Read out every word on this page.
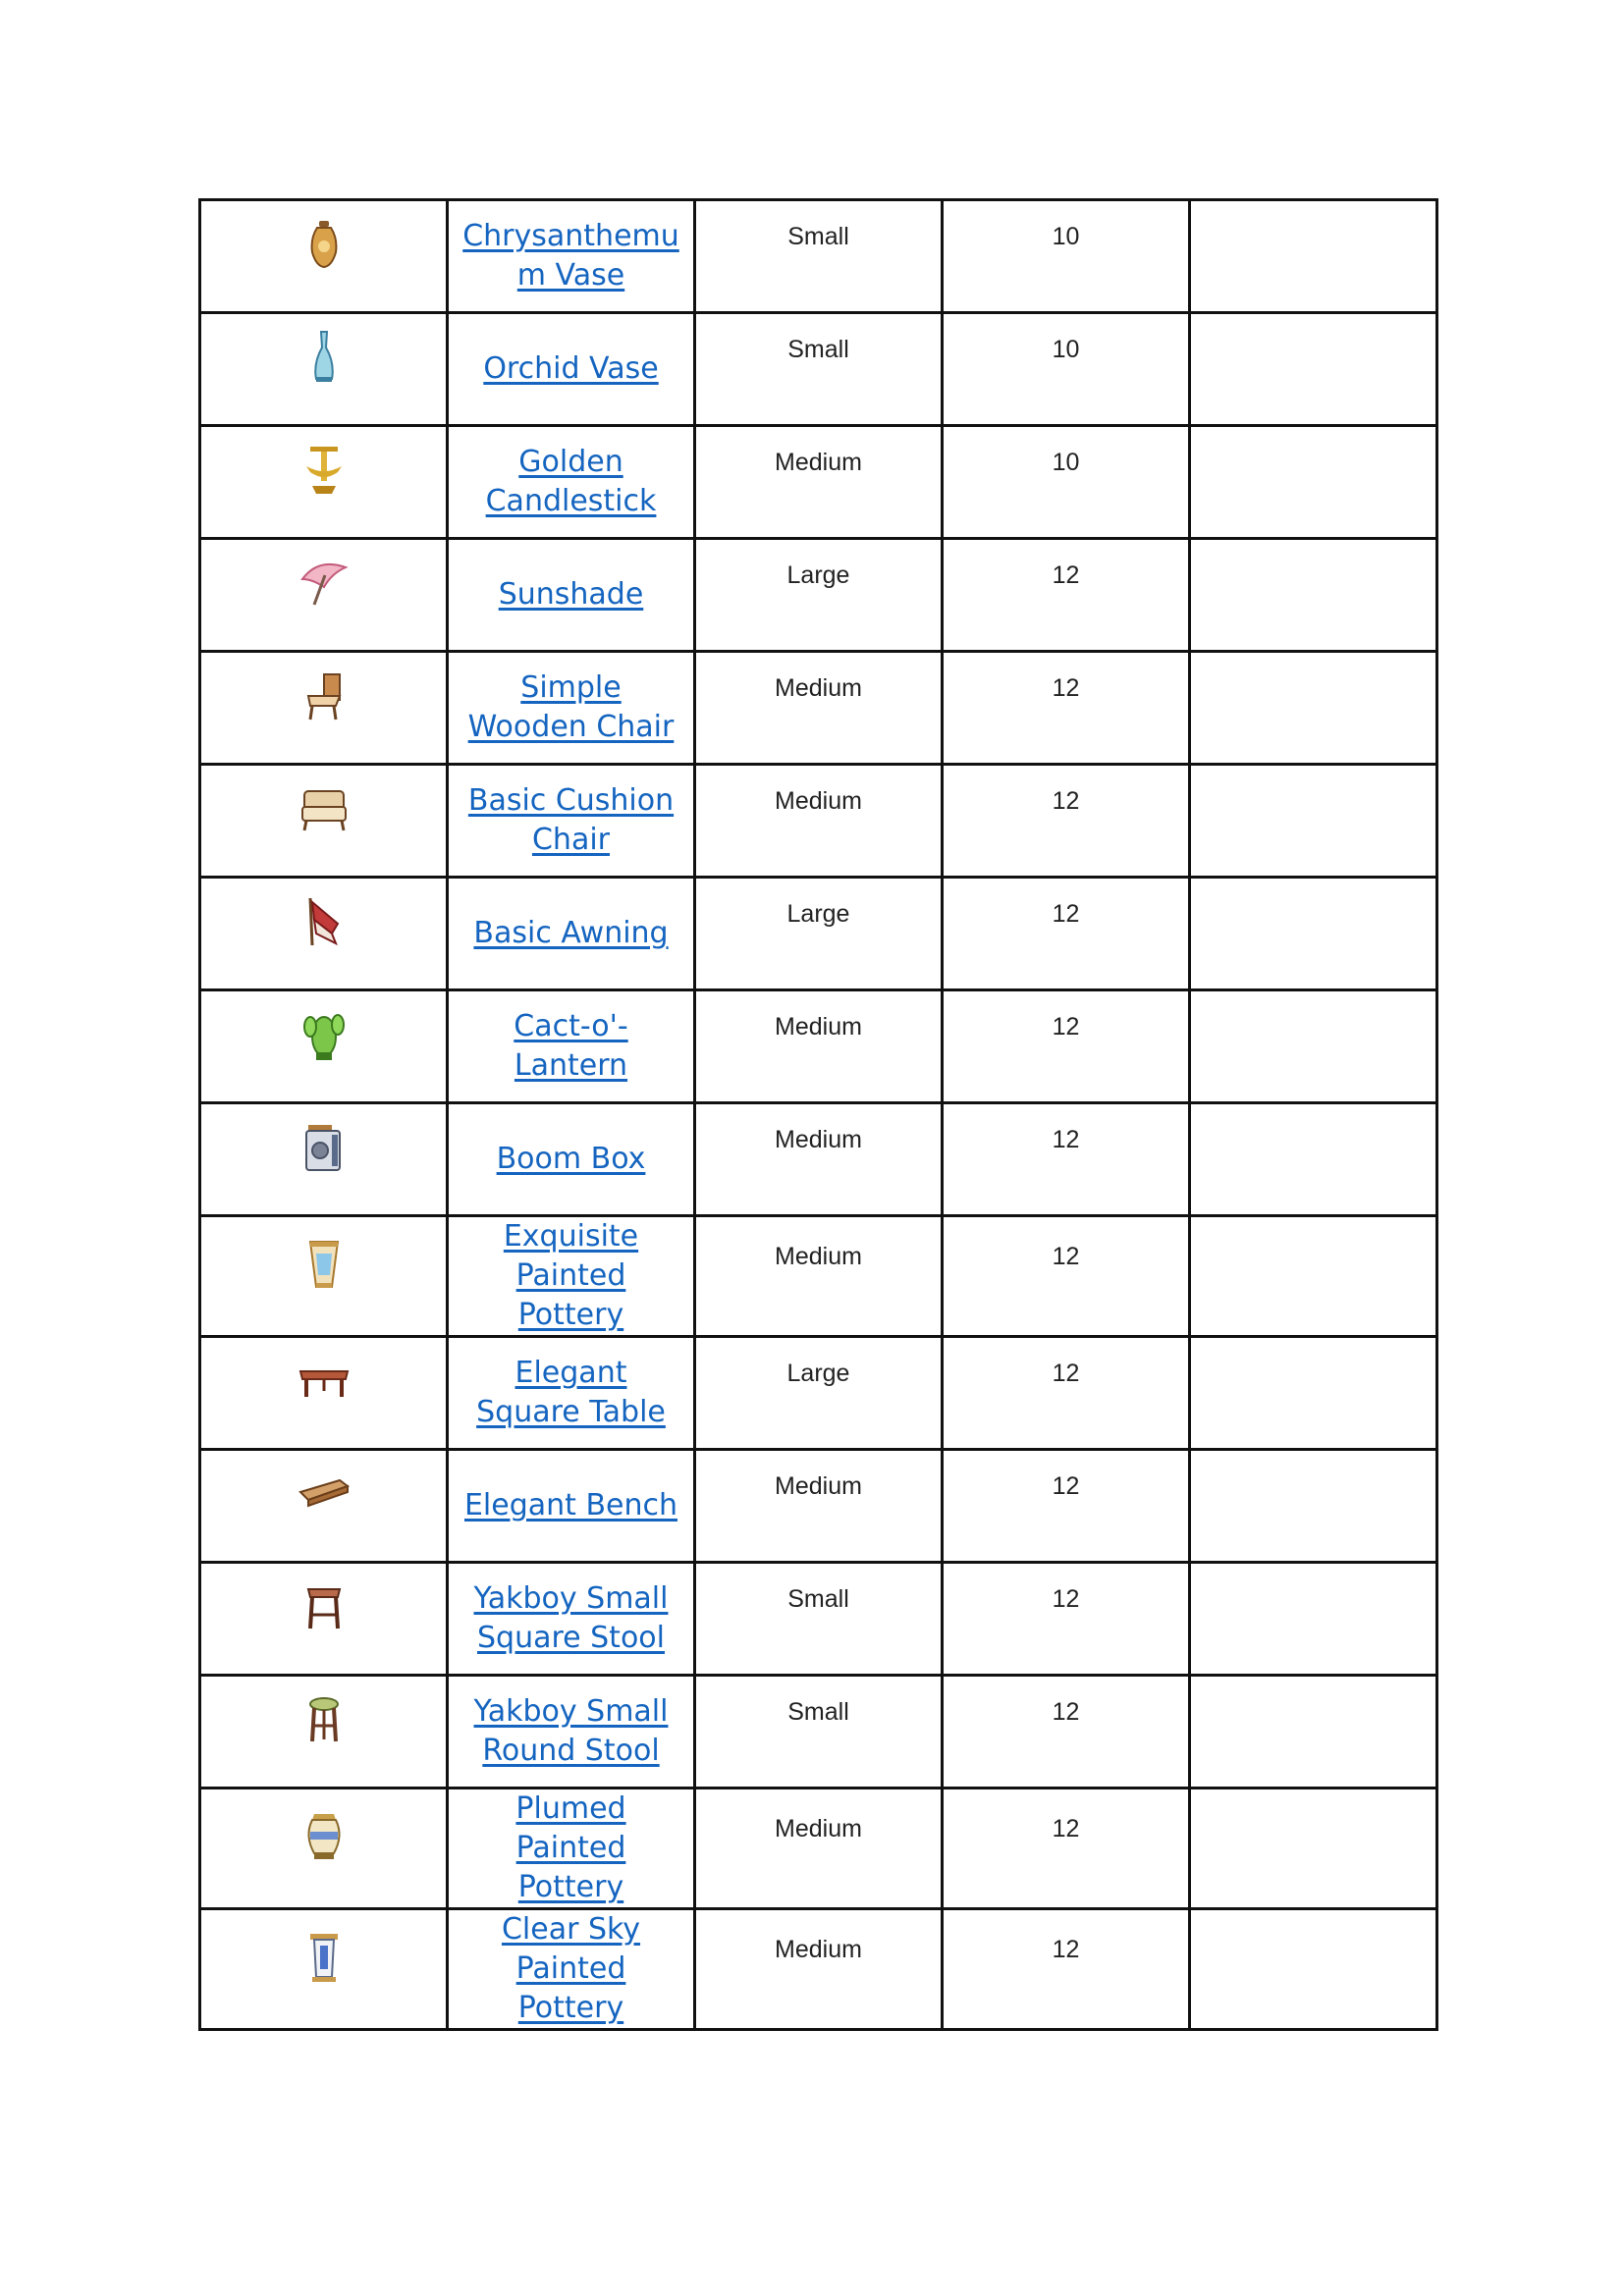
	Chrysanthemum Vase	Small	10	

	Orchid Vase	Small	10	

	Golden Candlestick	Medium	10	

	Sunshade	Large	12	

	Simple Wooden Chair	Medium	12	

	Basic Cushion Chair	Medium	12	

	Basic Awning	Large	12	

	Cact-o'-Lantern	Medium	12	

	Boom Box	Medium	12	

	Exquisite Painted Pottery	Medium	12	

	Elegant Square Table	Large	12	

	Elegant Bench	Medium	12	

	Yakboy Small Square Stool	Small	12	

	Yakboy Small Round Stool	Small	12	

	Plumed Painted Pottery	Medium	12	

	Clear Sky Painted Pottery	Medium	12	
